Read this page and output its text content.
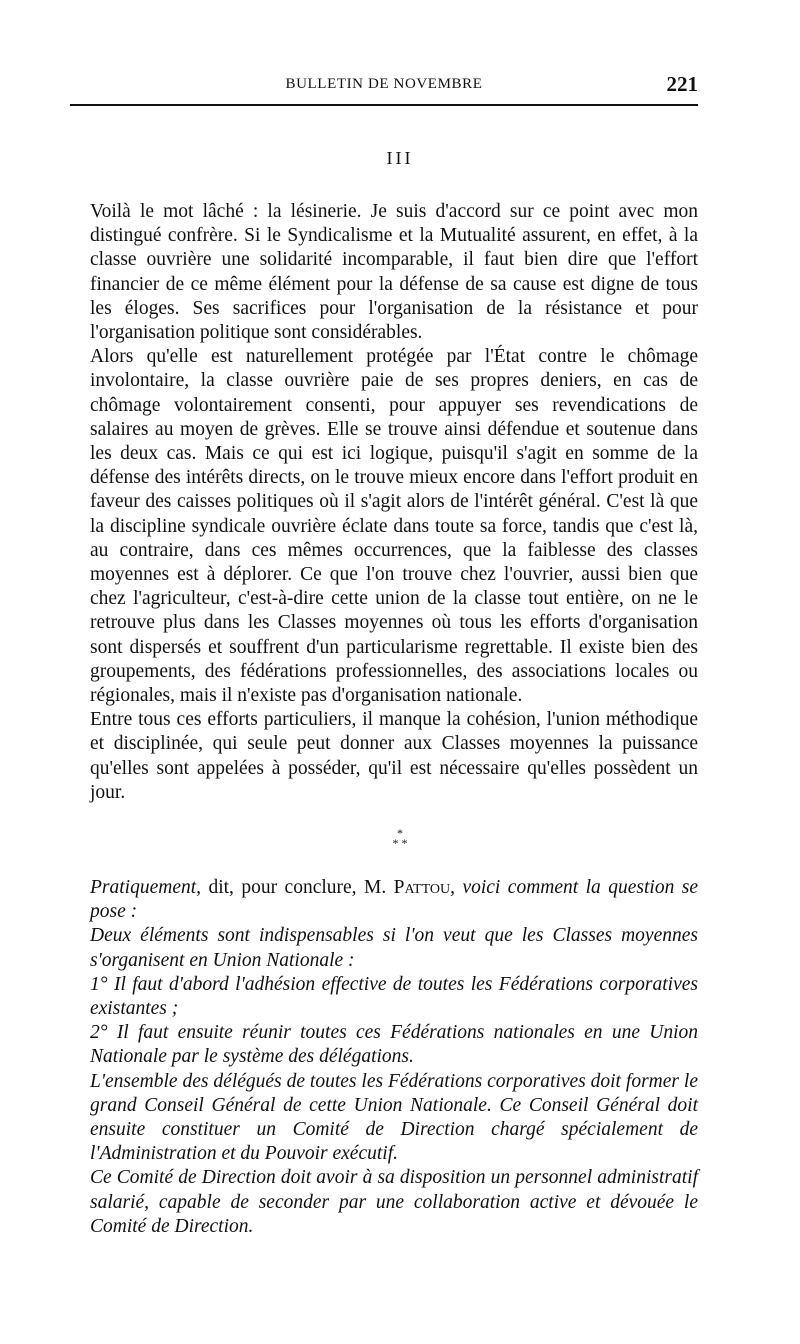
BULLETIN DE NOVEMBRE	221
III

Voilà le mot lâché : la lésinerie. Je suis d'accord sur ce point avec mon distingué confrère. Si le Syndicalisme et la Mutualité assurent, en effet, à la classe ouvrière une solidarité incomparable, il faut bien dire que l'effort financier de ce même élément pour la défense de sa cause est digne de tous les éloges. Ses sacrifices pour l'organisation de la résistance et pour l'organisation politique sont considérables.

Alors qu'elle est naturellement protégée par l'État contre le chômage involontaire, la classe ouvrière paie de ses propres deniers, en cas de chômage volontairement consenti, pour appuyer ses revendications de salaires au moyen de grèves. Elle se trouve ainsi défendue et soutenue dans les deux cas. Mais ce qui est ici logique, puisqu'il s'agit en somme de la défense des intérêts directs, on le trouve mieux encore dans l'effort produit en faveur des caisses politiques où il s'agit alors de l'intérêt général. C'est là que la discipline syndicale ouvrière éclate dans toute sa force, tandis que c'est là, au contraire, dans ces mêmes occurrences, que la faiblesse des classes moyennes est à déplorer. Ce que l'on trouve chez l'ouvrier, aussi bien que chez l'agriculteur, c'est-à-dire cette union de la classe tout entière, on ne le retrouve plus dans les Classes moyennes où tous les efforts d'organisation sont dispersés et souffrent d'un particularisme regrettable. Il existe bien des groupements, des fédérations professionnelles, des associations locales ou régionales, mais il n'existe pas d'organisation nationale.

Entre tous ces efforts particuliers, il manque la cohésion, l'union méthodique et disciplinée, qui seule peut donner aux Classes moyennes la puissance qu'elles sont appelées à posséder, qu'il est nécessaire qu'elles possèdent un jour.

*
* *

Pratiquement, dit, pour conclure, M. Pattou, voici comment la question se pose :

Deux éléments sont indispensables si l'on veut que les Classes moyennes s'organisent en Union Nationale :

1° Il faut d'abord l'adhésion effective de toutes les Fédérations corporatives existantes ;

2° Il faut ensuite réunir toutes ces Fédérations nationales en une Union Nationale par le système des délégations.

L'ensemble des délégués de toutes les Fédérations corporatives doit former le grand Conseil Général de cette Union Nationale. Ce Conseil Général doit ensuite constituer un Comité de Direction chargé spécialement de l'Administration et du Pouvoir exécutif.

Ce Comité de Direction doit avoir à sa disposition un personnel administratif salarié, capable de seconder par une collaboration active et dévouée le Comité de Direction.
